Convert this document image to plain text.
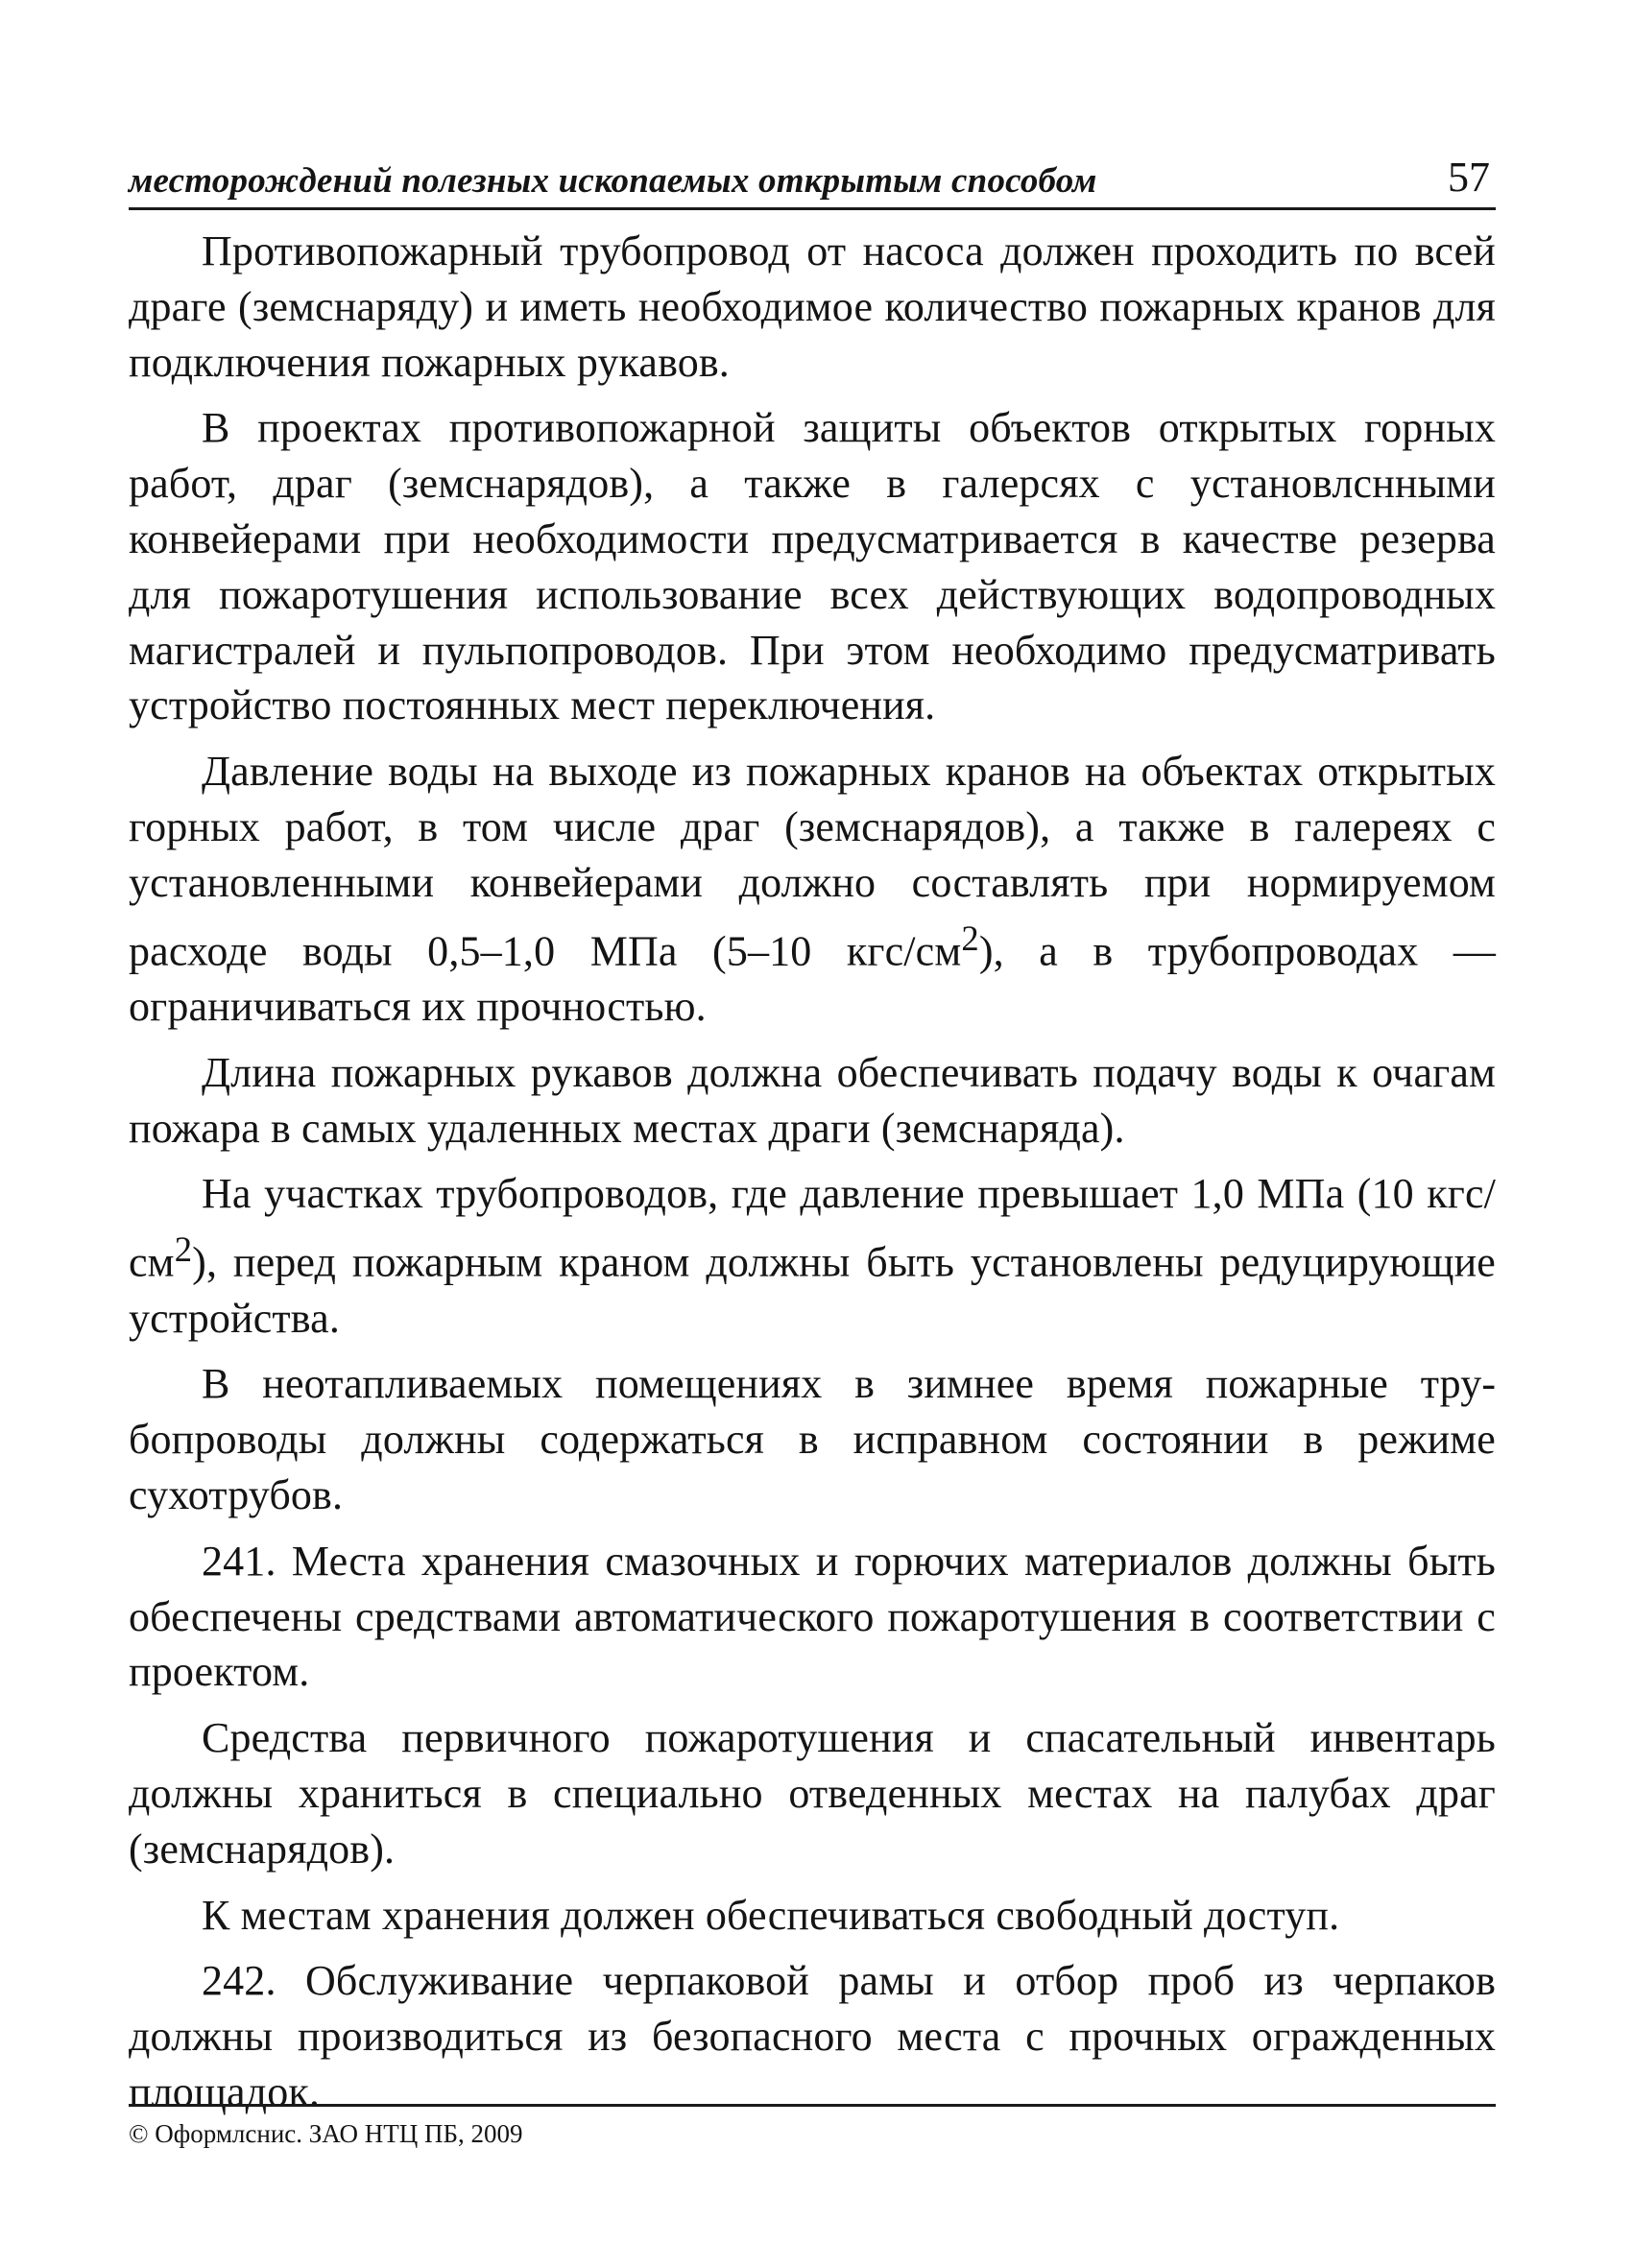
месторождений полезных ископаемых открытым способом	57

Противопожарный трубопровод от насоса должен проходить по всей драге (земснаряду) и иметь необходимое количество пожарных кранов для подключения пожарных рукавов.

В проектах противопожарной защиты объектов открытых горных работ, драг (земснарядов), а также в галерсях с установлснными конвейерами при необходимости предусматривается в качестве резерва для пожаротушения использование всех действующих водопроводных магистралей и пульпопроводов. При этом необходимо предусматривать устройство постоянных мест переключения.

Давление воды на выходе из пожарных кранов на объектах открытых горных работ, в том числе драг (земснарядов), а также в галереях с установленными конвейерами должно составлять при нормируемом расходе воды 0,5–1,0 МПа (5–10 кгс/$см^2$), а в трубопроводах — ограничиваться их прочностью.

Длина пожарных рукавов должна обеспечивать подачу воды к очагам пожара в самых удаленных местах драги (земснаряда).

На участках трубопроводов, где давление превышает 1,0 МПа (10 кгс/$см^2$), перед пожарным краном должны быть установлены редуцирующие устройства.

В неотапливаемых помещениях в зимнее время пожарные трубопроводы должны содержаться в исправном состоянии в режиме сухотрубов.

241. Места хранения смазочных и горючих материалов должны быть обеспечены средствами автоматического пожаротушения в соответствии с проектом.

Средства первичного пожаротушения и спасательный инвентарь должны храниться в специально отведенных местах на палубах драг (земснарядов).

К местам хранения должен обеспечиваться свободный доступ.

242. Обслуживание черпаковой рамы и отбор проб из черпаков должны производиться из безопасного места с прочных огражденных площадок.

© Оформлснис. ЗАО НТЦ ПБ, 2009
